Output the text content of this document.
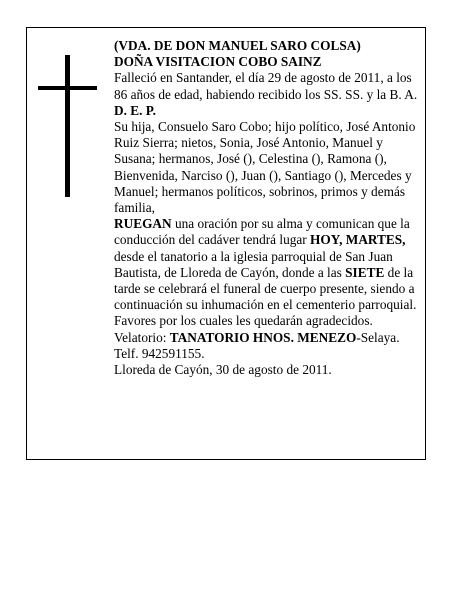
(VDA. DE DON MANUEL SARO COLSA)

DOÑA VISITACION COBO SAINZ

Falleció en Santander, el día 29 de agosto de 2011, a los 86 años de edad, habiendo recibido los SS. SS. y la B. A.

D. E. P.

Su hija, Consuelo Saro Cobo; hijo político, José Antonio Ruiz Sierra; nietos, Sonia, José Antonio, Manuel y Susana; hermanos, José (), Celestina (), Ramona (), Bienvenida, Narciso (), Juan (), Santiago (), Mercedes y Manuel; hermanos políticos, sobrinos, primos y demás familia,

RUEGAN una oración por su alma y comunican que la conducción del cadáver tendrá lugar HOY, MARTES, desde el tanatorio a la iglesia parroquial de San Juan Bautista, de Lloreda de Cayón, donde a las SIETE de la tarde se celebrará el funeral de cuerpo presente, siendo a continuación su inhumación en el cementerio parroquial. Favores por los cuales les quedarán agradecidos. Velatorio: TANATORIO HNOS. MENEZO-Selaya. Telf. 942591155.

Lloreda de Cayón, 30 de agosto de 2011.
